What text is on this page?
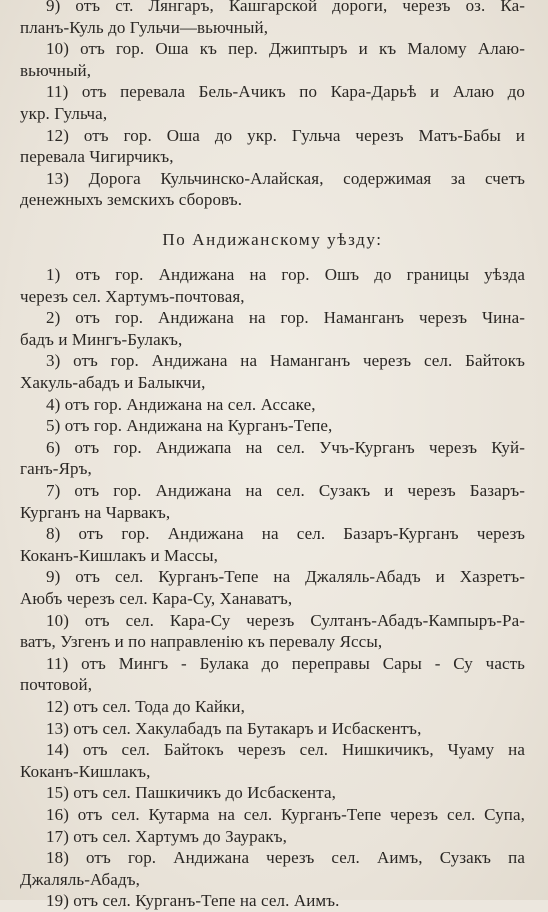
9) отъ ст. Лянгаръ, Кашгарской дороги, черезъ оз. Ка-
планъ-Куль до Гульчи—вьючный,
10) отъ гор. Оша къ пер. Джиптыръ и къ Малому Алаю-
вьючный,
11) отъ перевала Бель-Ачикъ по Кара-Дарьѣ и Алаю до
укр. Гульча,
12) отъ гор. Оша до укр. Гульча черезъ Матъ-Бабы и
перевала Чигирчикъ,
13) Дорога Кульчинско-Алайская, содержимая за счетъ
денежныхъ земскихъ сборовъ.
По Андижанскому уѣзду:
1) отъ гор. Андижана на гор. Ошъ до границы уѣзда
черезъ сел. Хартумъ-почтовая,
2) отъ гор. Андижана на гор. Наманганъ черезъ Чина-
бадъ и Мингъ-Булакъ,
3) отъ гор. Андижана на Наманганъ черезъ сел. Байтокъ
Хакуль-абадъ и Балыкчи,
4) отъ гор. Андижана на сел. Ассаке,
5) отъ гор. Андижана на Курганъ-Тепе,
6) отъ гор. Андижапа на сел. Учъ-Курганъ черезъ Куй-
ганъ-Яръ,
7) отъ гор. Андижана на сел. Сузакъ и черезъ Базаръ-
Курганъ на Чарвакъ,
8) отъ гор. Андижана на сел. Базаръ-Курганъ черезъ
Коканъ-Кишлакъ и Массы,
9) отъ сел. Курганъ-Тепе на Джаляль-Абадъ и Хазретъ-
Аюбъ черезъ сел. Кара-Су, Ханаватъ,
10) отъ сел. Кара-Су черезъ Султанъ-Абадъ-Кампыръ-Ра-
ватъ, Узгенъ и по направленію къ перевалу Яссы,
11) отъ Мингъ - Булака до переправы Сары - Су часть
почтовой,
12) отъ сел. Тода до Кайки,
13) отъ сел. Хакулабадъ па Бутакаръ и Исбаскентъ,
14) отъ сел. Байтокъ черезъ сел. Нишкичикъ, Чуаму на
Коканъ-Кишлакъ,
15) отъ сел. Пашкичикъ до Исбаскента,
16) отъ сел. Кутарма на сел. Курганъ-Тепе черезъ сел. Супа,
17) отъ сел. Хартумъ до Зауракъ,
18) отъ гор. Андижана черезъ сел. Аимъ, Сузакъ па
Джаляль-Абадъ,
19) отъ сел. Курганъ-Тепе на сел. Аимъ.
